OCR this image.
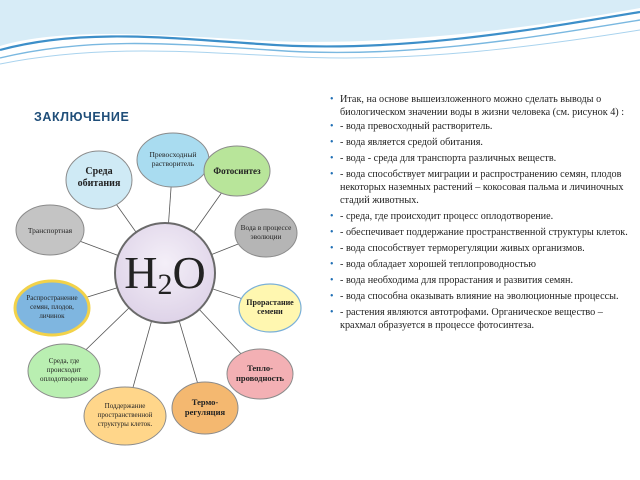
ЗАКЛЮЧЕНИЕ
Превосходный растворитель
Фотосинтез
Вода в процессе эволюции
Прорастание семени
Тепло-проводность
Термо-регуляция
Поддержание пространственной структуры клеток.
Среда, где происходит оплодотворение
Распространение семян, плодов, личинок
Транспортная
Среда обитания
H2O
• Итак, на основе вышеизложенного можно сделать выводы о биологическом значении воды в жизни человека (см. рисунок 4) :

• - вода превосходный растворитель.
• - вода является средой обитания.
• - вода - среда для транспорта различных веществ.
• - вода способствует миграции и распространению семян, плодов некоторых наземных растений – кокосовая пальма и личиночных стадий животных.
• - среда, где происходит процесс оплодотворение.
• - обеспечивает поддержание пространственной структуры клеток.
• - вода способствует терморегуляции живых организмов.
• - вода обладает хорошей теплопроводностью
• - вода необходима для прорастания и развития семян.
• - вода способна оказывать влияние на эволюционные процессы.
• - растения являются автотрофами. Органическое вещество – крахмал образуется в процессе фотосинтеза.
